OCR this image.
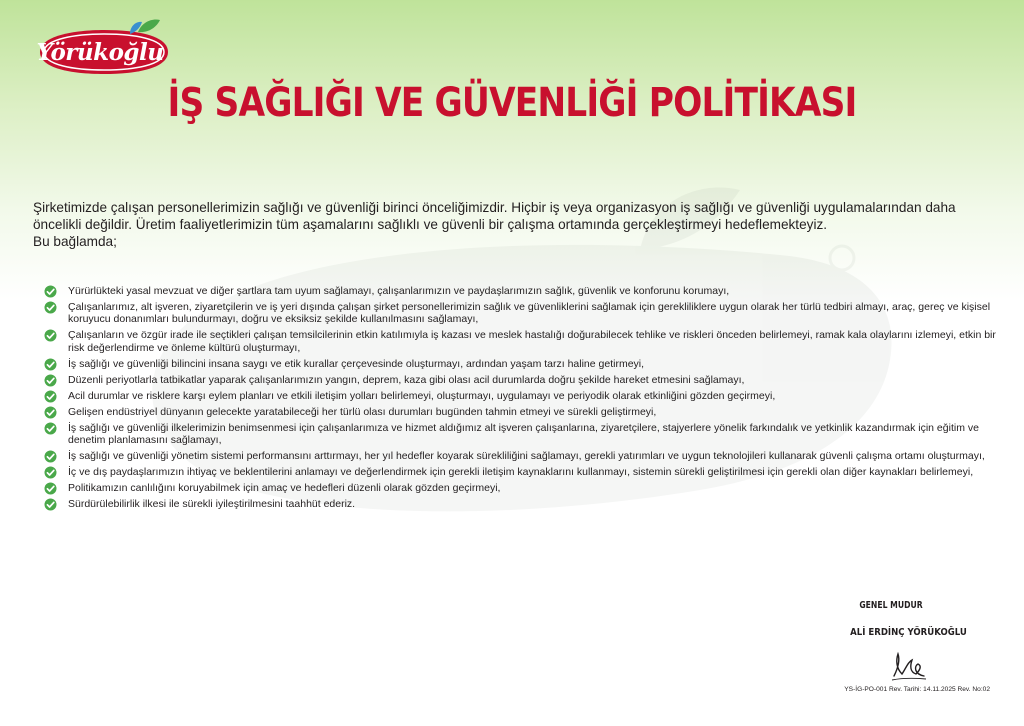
Yörükoğlu
İŞ SAĞLIĞI VE GÜVENLİĞİ POLİTİKASI

Şirketimizde çalışan personellerimizin sağlığı ve güvenliği birinci önceliğimizdir. Hiçbir iş veya organizasyon iş sağlığı ve güvenliği uygulamalarından daha öncelikli değildir. Üretim faaliyetlerimizin tüm aşamalarını sağlıklı ve güvenli bir çalışma ortamında gerçekleştirmeyi hedeflemekteyiz.
Bu bağlamda;

Yürürlükteki yasal mevzuat ve diğer şartlara tam uyum sağlamayı, çalışanlarımızın ve paydaşlarımızın sağlık, güvenlik ve konforunu korumayı,
Çalışanlarımız, alt işveren, ziyaretçilerin ve iş yeri dışında çalışan şirket personellerimizin sağlık ve güvenliklerini sağlamak için gerekliliklere uygun olarak her türlü tedbiri almayı, araç, gereç ve kişisel koruyucu donanımları bulundurmayı, doğru ve eksiksiz şekilde kullanılmasını sağlamayı,
Çalışanların ve özgür irade ile seçtikleri çalışan temsilcilerinin etkin katılımıyla iş kazası ve meslek hastalığı doğurabilecek tehlike ve riskleri önceden belirlemeyi, ramak kala olaylarını izlemeyi, etkin bir risk değerlendirme ve önleme kültürü oluşturmayı,
İş sağlığı ve güvenliği bilincini insana saygı ve etik kurallar çerçevesinde oluşturmayı, ardından yaşam tarzı haline getirmeyi,
Düzenli periyotlarla tatbikatlar yaparak çalışanlarımızın yangın, deprem, kaza gibi olası acil durumlarda doğru şekilde hareket etmesini sağlamayı,
Acil durumlar ve risklere karşı eylem planları ve etkili iletişim yolları belirlemeyi, oluşturmayı, uygulamayı ve periyodik olarak etkinliğini gözden geçirmeyi,
Gelişen endüstriyel dünyanın gelecekte yaratabileceği her türlü olası durumları bugünden tahmin etmeyi ve sürekli geliştirmeyi,
İş sağlığı ve güvenliği ilkelerimizin benimsenmesi için çalışanlarımıza ve hizmet aldığımız alt işveren çalışanlarına, ziyaretçilere, stajyerlere yönelik farkındalık ve yetkinlik kazandırmak için eğitim ve denetim planlamasını sağlamayı,
İş sağlığı ve güvenliği yönetim sistemi performansını arttırmayı, her yıl hedefler koyarak sürekliliğini sağlamayı, gerekli yatırımları ve uygun teknolojileri kullanarak güvenli çalışma ortamı oluşturmayı,
İç ve dış paydaşlarımızın ihtiyaç ve beklentilerini anlamayı ve değerlendirmek için gerekli iletişim kaynaklarını kullanmayı, sistemin sürekli geliştirilmesi için gerekli olan diğer kaynakları belirlemeyi,
Politikamızın canlılığını koruyabilmek için amaç ve hedefleri düzenli olarak gözden geçirmeyi,
Sürdürülebilirlik ilkesi ile sürekli iyileştirilmesini taahhüt ederiz.
GENEL MÜDÜR
ALİ ERDİNÇ YÖRÜKOĞLU

YS-İG-PO-001 Rev. Tarihi: 14.11.2025 Rev. No:02
